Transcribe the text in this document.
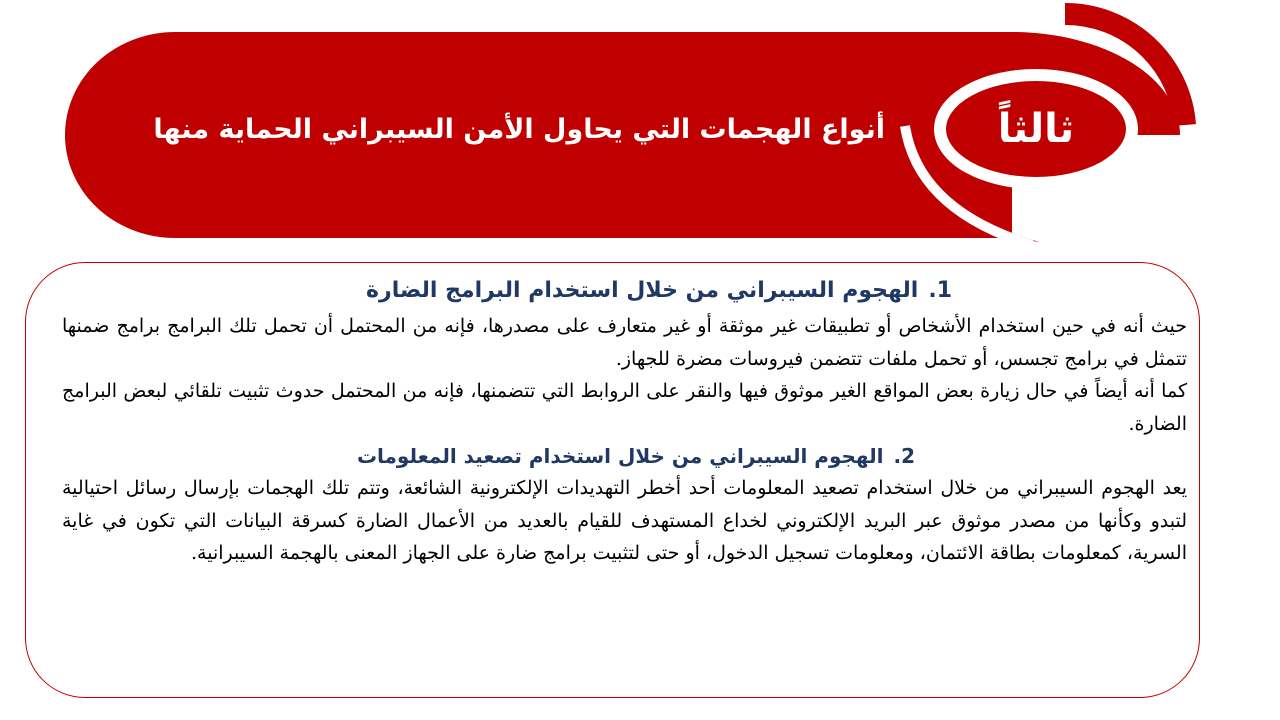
أنواع الهجمات التي يحاول الأمن السيبراني الحماية منها	ثالثاً
1.الهجوم السيبراني من خلال استخدام البرامج الضارة
حيث أنه في حين استخدام الأشخاص أو تطبيقات غير موثقة أو غير متعارف على مصدرها، فإنه من المحتمل أن تحمل تلك البرامج برامج ضمنها تتمثل في برامج تجسس، أو تحمل ملفات تتضمن فيروسات مضرة للجهاز.
كما أنه أيضاً في حال زيارة بعض المواقع الغير موثوق فيها والنقر على الروابط التي تتضمنها، فإنه من المحتمل حدوث تثبيت تلقائي لبعض البرامج الضارة.
2.الهجوم السيبراني من خلال استخدام تصعيد المعلومات
يعد الهجوم السيبراني من خلال استخدام تصعيد المعلومات أحد أخطر التهديدات الإلكترونية الشائعة، وتتم تلك الهجمات بإرسال رسائل احتيالية لتبدو وكأنها من مصدر موثوق عبر البريد الإلكتروني لخداع المستهدف للقيام بالعديد من الأعمال الضارة كسرقة البيانات التي تكون في غاية السرية، كمعلومات بطاقة الائتمان، ومعلومات تسجيل الدخول، أو حتى لتثبيت برامج ضارة على الجهاز المعنى بالهجمة السيبرانية.
